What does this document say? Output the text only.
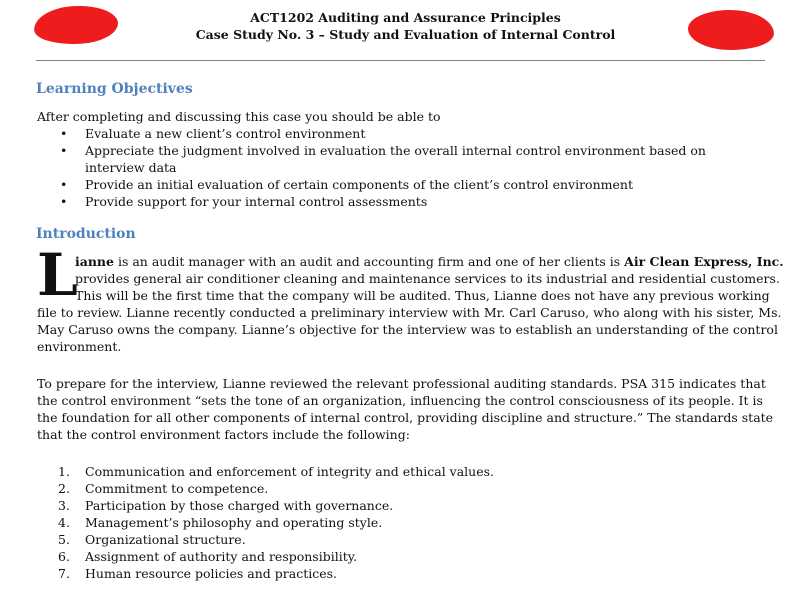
ACT1202 Auditing and Assurance Principles
Case Study No. 3 – Study and Evaluation of Internal Control
Learning Objectives
After completing and discussing this case you should be able to
• Evaluate a new client’s control environment
• Appreciate the judgment involved in evaluation the overall internal control environment based on interview data
• Provide an initial evaluation of certain components of the client’s control environment
• Provide support for your internal control assessments
Introduction
L
ianne is an audit manager with an audit and accounting firm and one of her clients is Air Clean Express, Inc.
provides general air conditioner cleaning and maintenance services to its industrial and residential customers.
This will be the first time that the company will be audited. Thus, Lianne does not have any previous working
file to review. Lianne recently conducted a preliminary interview with Mr. Carl Caruso, who along with his sister, Ms.
May Caruso owns the company. Lianne’s objective for the interview was to establish an understanding of the control
environment.
To prepare for the interview, Lianne reviewed the relevant professional auditing standards. PSA 315 indicates that
the control environment “sets the tone of an organization, influencing the control consciousness of its people. It is
the foundation for all other components of internal control, providing discipline and structure.” The standards state
that the control environment factors include the following:
1. Communication and enforcement of integrity and ethical values.
2. Commitment to competence.
3. Participation by those charged with governance.
4. Management’s philosophy and operating style.
5. Organizational structure.
6. Assignment of authority and responsibility.
7. Human resource policies and practices.
